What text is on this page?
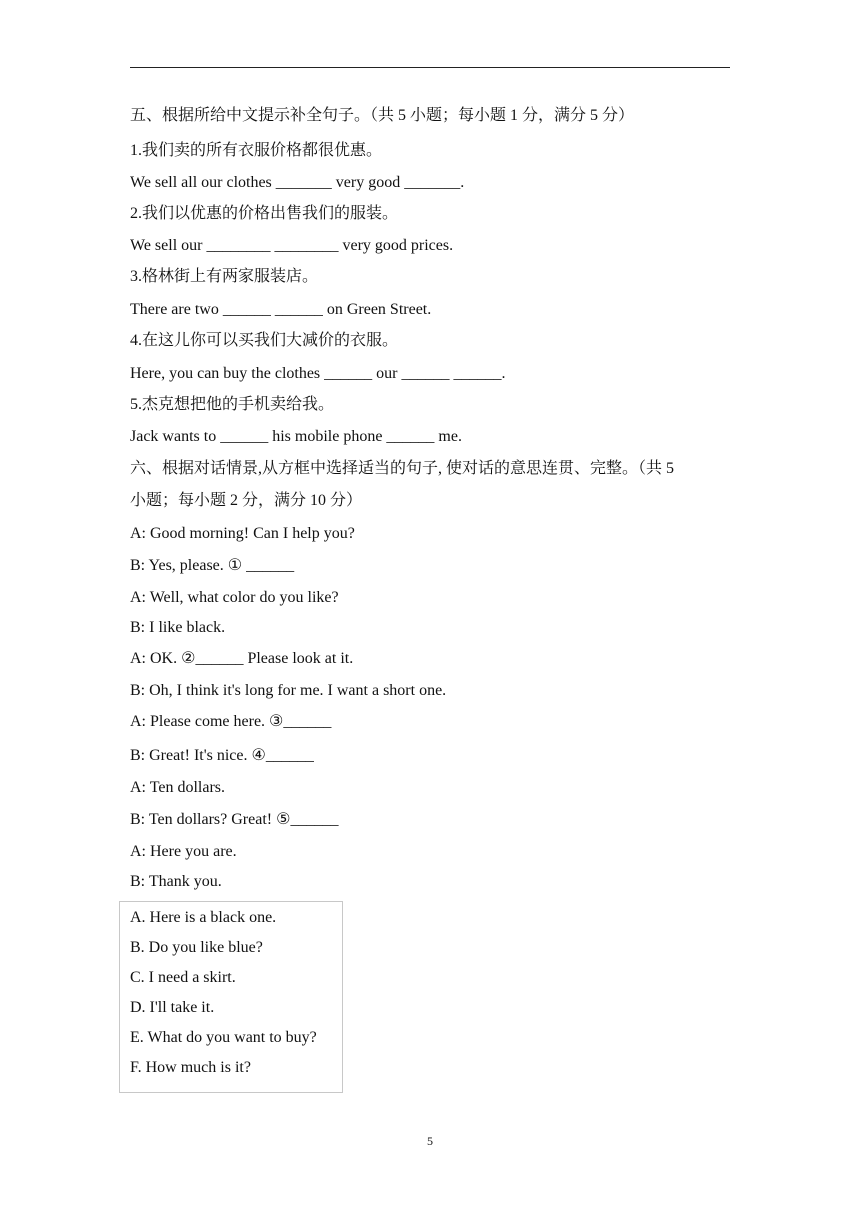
五、根据所给中文提示补全句子。（共 5 小题；每小题 1 分，满分 5 分）
1.我们卖的所有衣服价格都很优惠。
We sell all our clothes _______ very good _______.
2.我们以优惠的价格出售我们的服装。
We sell our ________ ________ very good prices.
3.格林街上有两家服装店。
There are two ______ ______ on Green Street.
4.在这儿你可以买我们大减价的衣服。
Here, you can buy the clothes ______ our ______ ______.
5.杰克想把他的手机卖给我。
Jack wants to ______ his mobile phone ______ me.
六、根据对话情景,从方框中选择适当的句子, 使对话的意思连贯、完整。（共 5
小题；每小题 2 分，满分 10 分）
A: Good morning! Can I help you?
B: Yes, please. ① ______
A: Well, what color do you like?
B: I like black.
A: OK. ②______ Please look at it.
B: Oh, I think it's long for me. I want a short one.
A: Please come here. ③______
B: Great! It's nice. ④______
A: Ten dollars.
B: Ten dollars? Great! ⑤______
A: Here you are.
B: Thank you.
A. Here is a black one.
B. Do you like blue?
C. I need a skirt.
D. I'll take it.
E. What do you want to buy?
F. How much is it?
5
